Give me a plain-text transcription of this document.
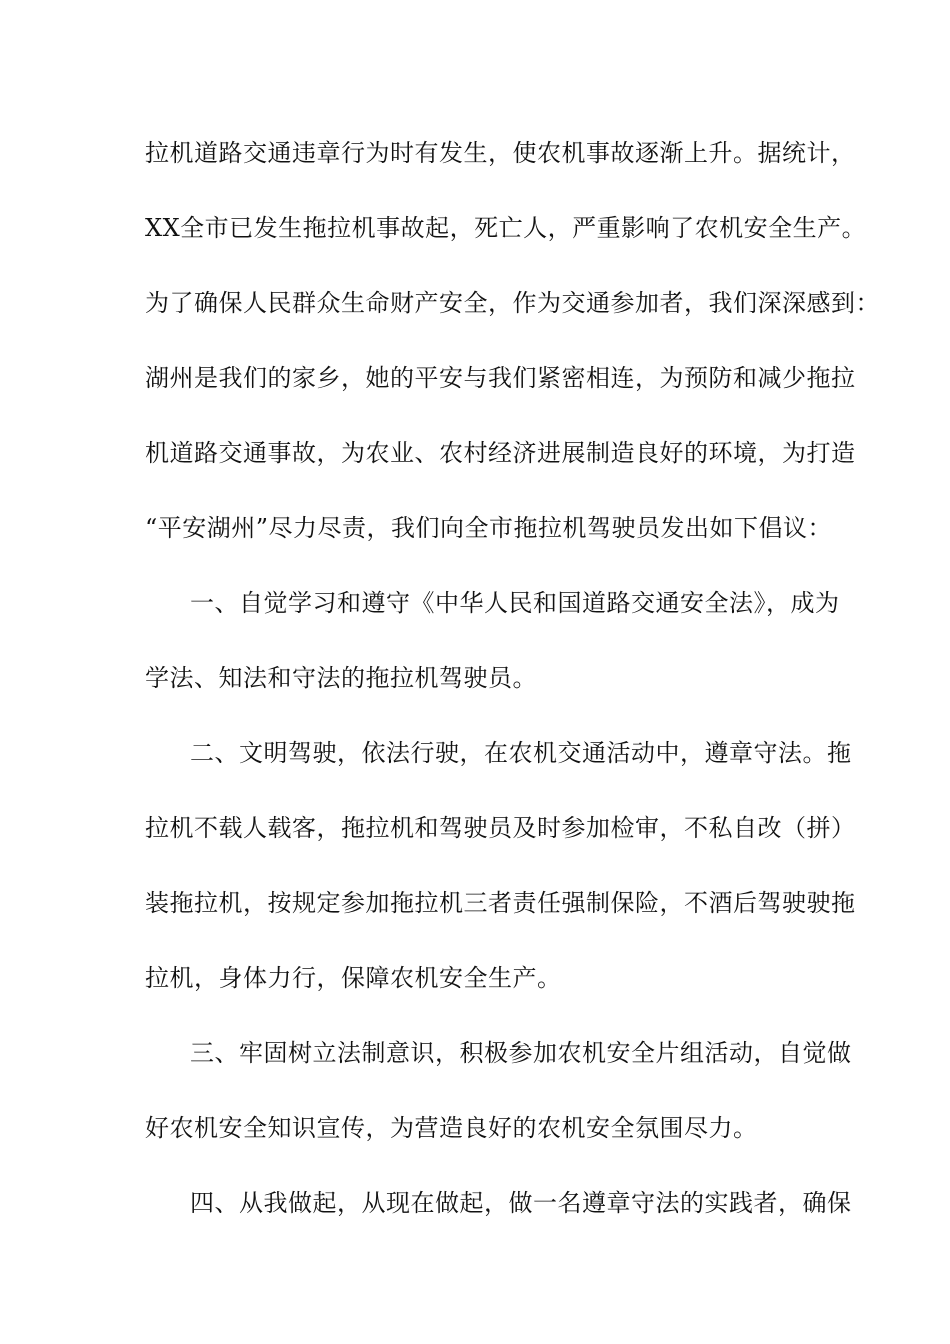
拉机道路交通违章行为时有发生，使农机事故逐渐上升。据统计，
XX全市已发生拖拉机事故起，死亡人，严重影响了农机安全生产。
为了确保人民群众生命财产安全，作为交通参加者，我们深深感到：
湖州是我们的家乡，她的平安与我们紧密相连，为预防和减少拖拉
机道路交通事故，为农业、农村经济进展制造良好的环境，为打造
“平安湖州”尽力尽责，我们向全市拖拉机驾驶员发出如下倡议：
一、自觉学习和遵守《中华人民和国道路交通安全法》，成为
学法、知法和守法的拖拉机驾驶员。
二、文明驾驶，依法行驶，在农机交通活动中，遵章守法。拖
拉机不载人载客，拖拉机和驾驶员及时参加检审，不私自改（拼）
装拖拉机，按规定参加拖拉机三者责任强制保险，不酒后驾驶驶拖
拉机，身体力行，保障农机安全生产。
三、牢固树立法制意识，积极参加农机安全片组活动，自觉做
好农机安全知识宣传，为营造良好的农机安全氛围尽力。
四、从我做起，从现在做起，做一名遵章守法的实践者，确保
